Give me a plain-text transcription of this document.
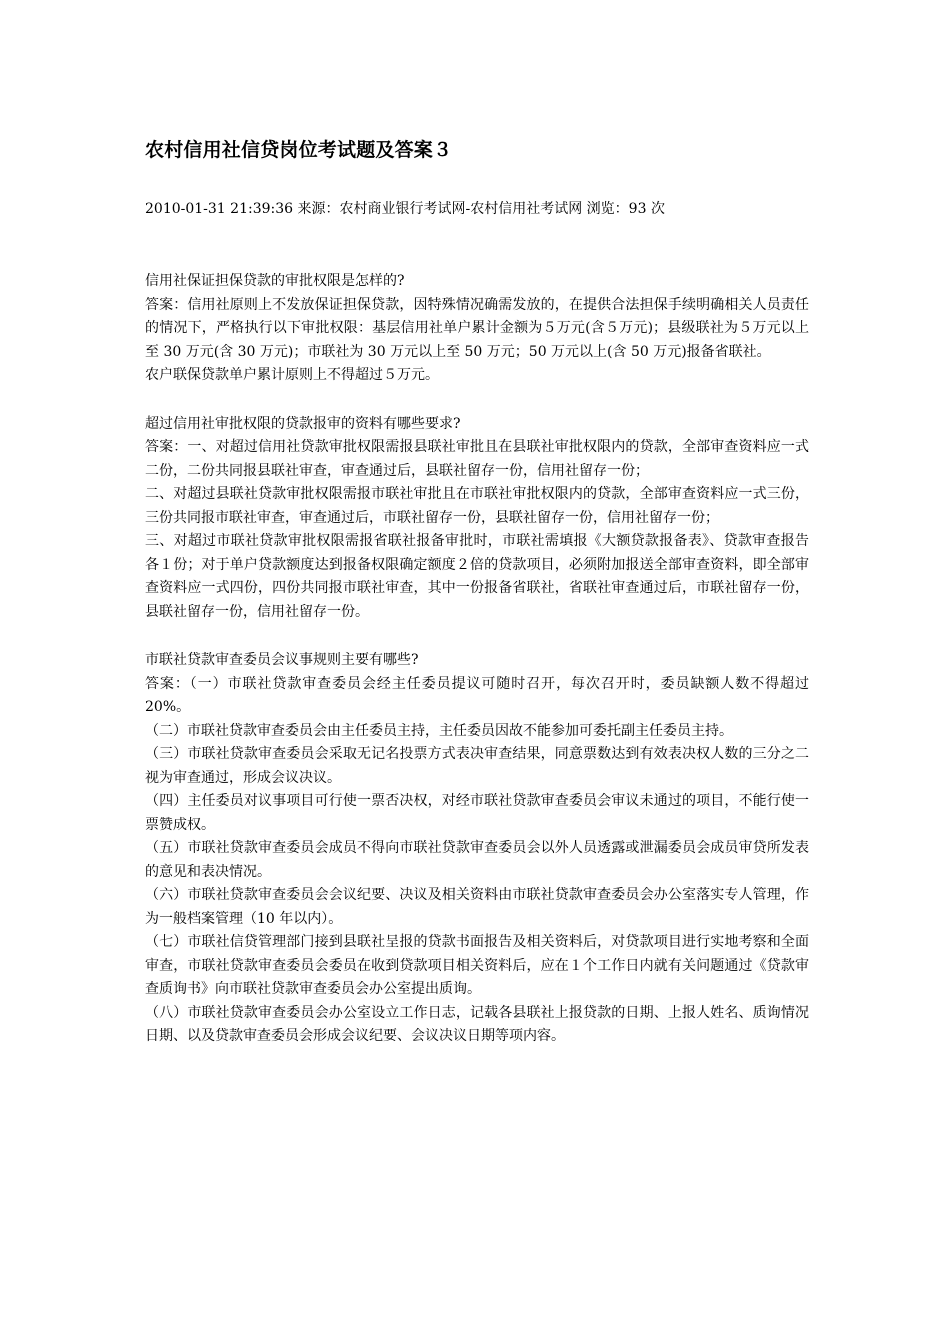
农村信用社信贷岗位考试题及答案３
2010-01-31 21:39:36 来源：农村商业银行考试网-农村信用社考试网 浏览：93 次

信用社保证担保贷款的审批权限是怎样的?

答案：信用社原则上不发放保证担保贷款，因特殊情况确需发放的，在提供合法担保手续明确相关人员责任的情况下，严格执行以下审批权限：基层信用社单户累计金额为５万元(含５万元)；县级联社为５万元以上至 30 万元(含 30 万元)；市联社为 30 万元以上至 50 万元；50 万元以上(含 50 万元)报备省联社。

农户联保贷款单户累计原则上不得超过５万元。

超过信用社审批权限的贷款报审的资料有哪些要求?

答案：一、对超过信用社贷款审批权限需报县联社审批且在县联社审批权限内的贷款，全部审查资料应一式二份，二份共同报县联社审查，审查通过后，县联社留存一份，信用社留存一份；

二、对超过县联社贷款审批权限需报市联社审批且在市联社审批权限内的贷款，全部审查资料应一式三份，三份共同报市联社审查，审查通过后，市联社留存一份，县联社留存一份，信用社留存一份；

三、对超过市联社贷款审批权限需报省联社报备审批时，市联社需填报《大额贷款报备表》、贷款审查报告各１份；对于单户贷款额度达到报备权限确定额度２倍的贷款项目，必须附加报送全部审查资料，即全部审查资料应一式四份，四份共同报市联社审查，其中一份报备省联社，省联社审查通过后，市联社留存一份，县联社留存一份，信用社留存一份。

市联社贷款审查委员会议事规则主要有哪些?

答案：（一）市联社贷款审查委员会经主任委员提议可随时召开，每次召开时，委员缺额人数不得超过 20%。

（二）市联社贷款审查委员会由主任委员主持，主任委员因故不能参加可委托副主任委员主持。

（三）市联社贷款审查委员会采取无记名投票方式表决审查结果，同意票数达到有效表决权人数的三分之二视为审查通过，形成会议决议。

（四）主任委员对议事项目可行使一票否决权，对经市联社贷款审查委员会审议未通过的项目，不能行使一票赞成权。

（五）市联社贷款审查委员会成员不得向市联社贷款审查委员会以外人员透露或泄漏委员会成员审贷所发表的意见和表决情况。

（六）市联社贷款审查委员会会议纪要、决议及相关资料由市联社贷款审查委员会办公室落实专人管理，作为一般档案管理（10 年以内）。

（七）市联社信贷管理部门接到县联社呈报的贷款书面报告及相关资料后，对贷款项目进行实地考察和全面审查，市联社贷款审查委员会委员在收到贷款项目相关资料后，应在１个工作日内就有关问题通过《贷款审查质询书》向市联社贷款审查委员会办公室提出质询。

（八）市联社贷款审查委员会办公室设立工作日志，记载各县联社上报贷款的日期、上报人姓名、质询情况日期、以及贷款审查委员会形成会议纪要、会议决议日期等项内容。
